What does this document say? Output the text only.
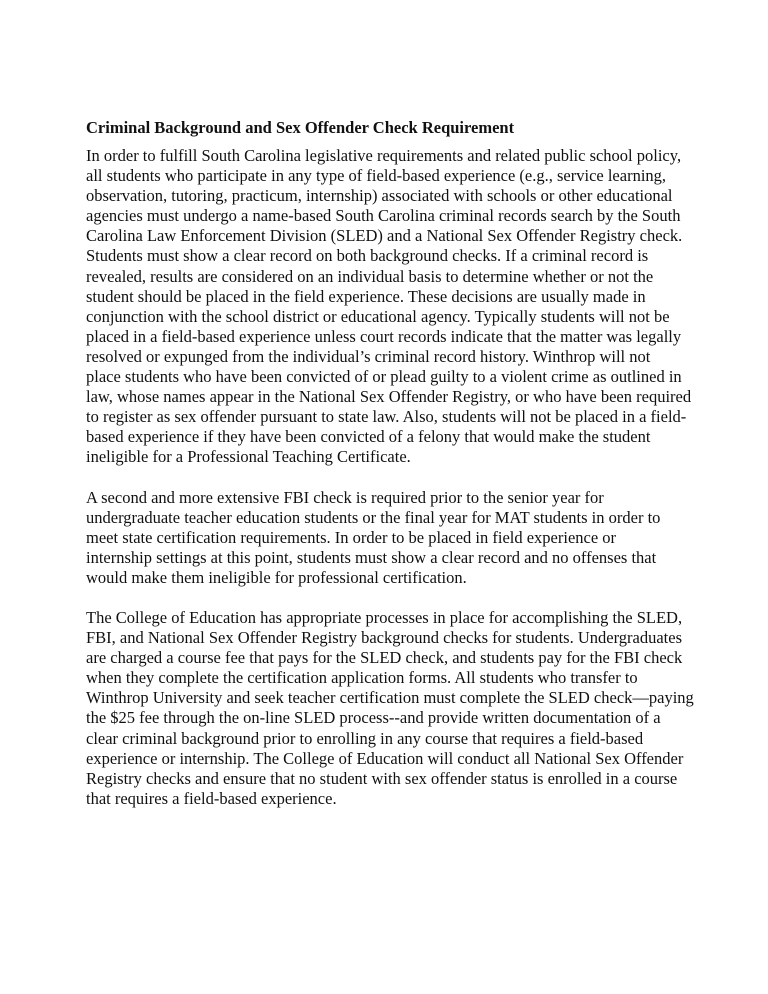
Criminal Background and Sex Offender Check Requirement
In order to fulfill South Carolina legislative requirements and related public school policy,
all students who participate in any type of field-based experience (e.g., service learning,
observation, tutoring, practicum, internship) associated with schools or other educational
agencies must undergo a name-based South Carolina criminal records search by the South
Carolina Law Enforcement Division (SLED) and a National Sex Offender Registry check.
Students must show a clear record on both background checks. If a criminal record is
revealed, results are considered on an individual basis to determine whether or not the
student should be placed in the field experience. These decisions are usually made in
conjunction with the school district or educational agency. Typically students will not be
placed in a field-based experience unless court records indicate that the matter was legally
resolved or expunged from the individual’s criminal record history. Winthrop will not
place students who have been convicted of or plead guilty to a violent crime as outlined in
law, whose names appear in the National Sex Offender Registry, or who have been required
to register as sex offender pursuant to state law. Also, students will not be placed in a field-
based experience if they have been convicted of a felony that would make the student
ineligible for a Professional Teaching Certificate.
A second and more extensive FBI check is required prior to the senior year for
undergraduate teacher education students or the final year for MAT students in order to
meet state certification requirements. In order to be placed in field experience or
internship settings at this point, students must show a clear record and no offenses that
would make them ineligible for professional certification.
The College of Education has appropriate processes in place for accomplishing the SLED,
FBI, and National Sex Offender Registry background checks for students. Undergraduates
are charged a course fee that pays for the SLED check, and students pay for the FBI check
when they complete the certification application forms. All students who transfer to
Winthrop University and seek teacher certification must complete the SLED check—paying
the $25 fee through the on-line SLED process--and provide written documentation of a
clear criminal background prior to enrolling in any course that requires a field-based
experience or internship. The College of Education will conduct all National Sex Offender
Registry checks and ensure that no student with sex offender status is enrolled in a course
that requires a field-based experience.
